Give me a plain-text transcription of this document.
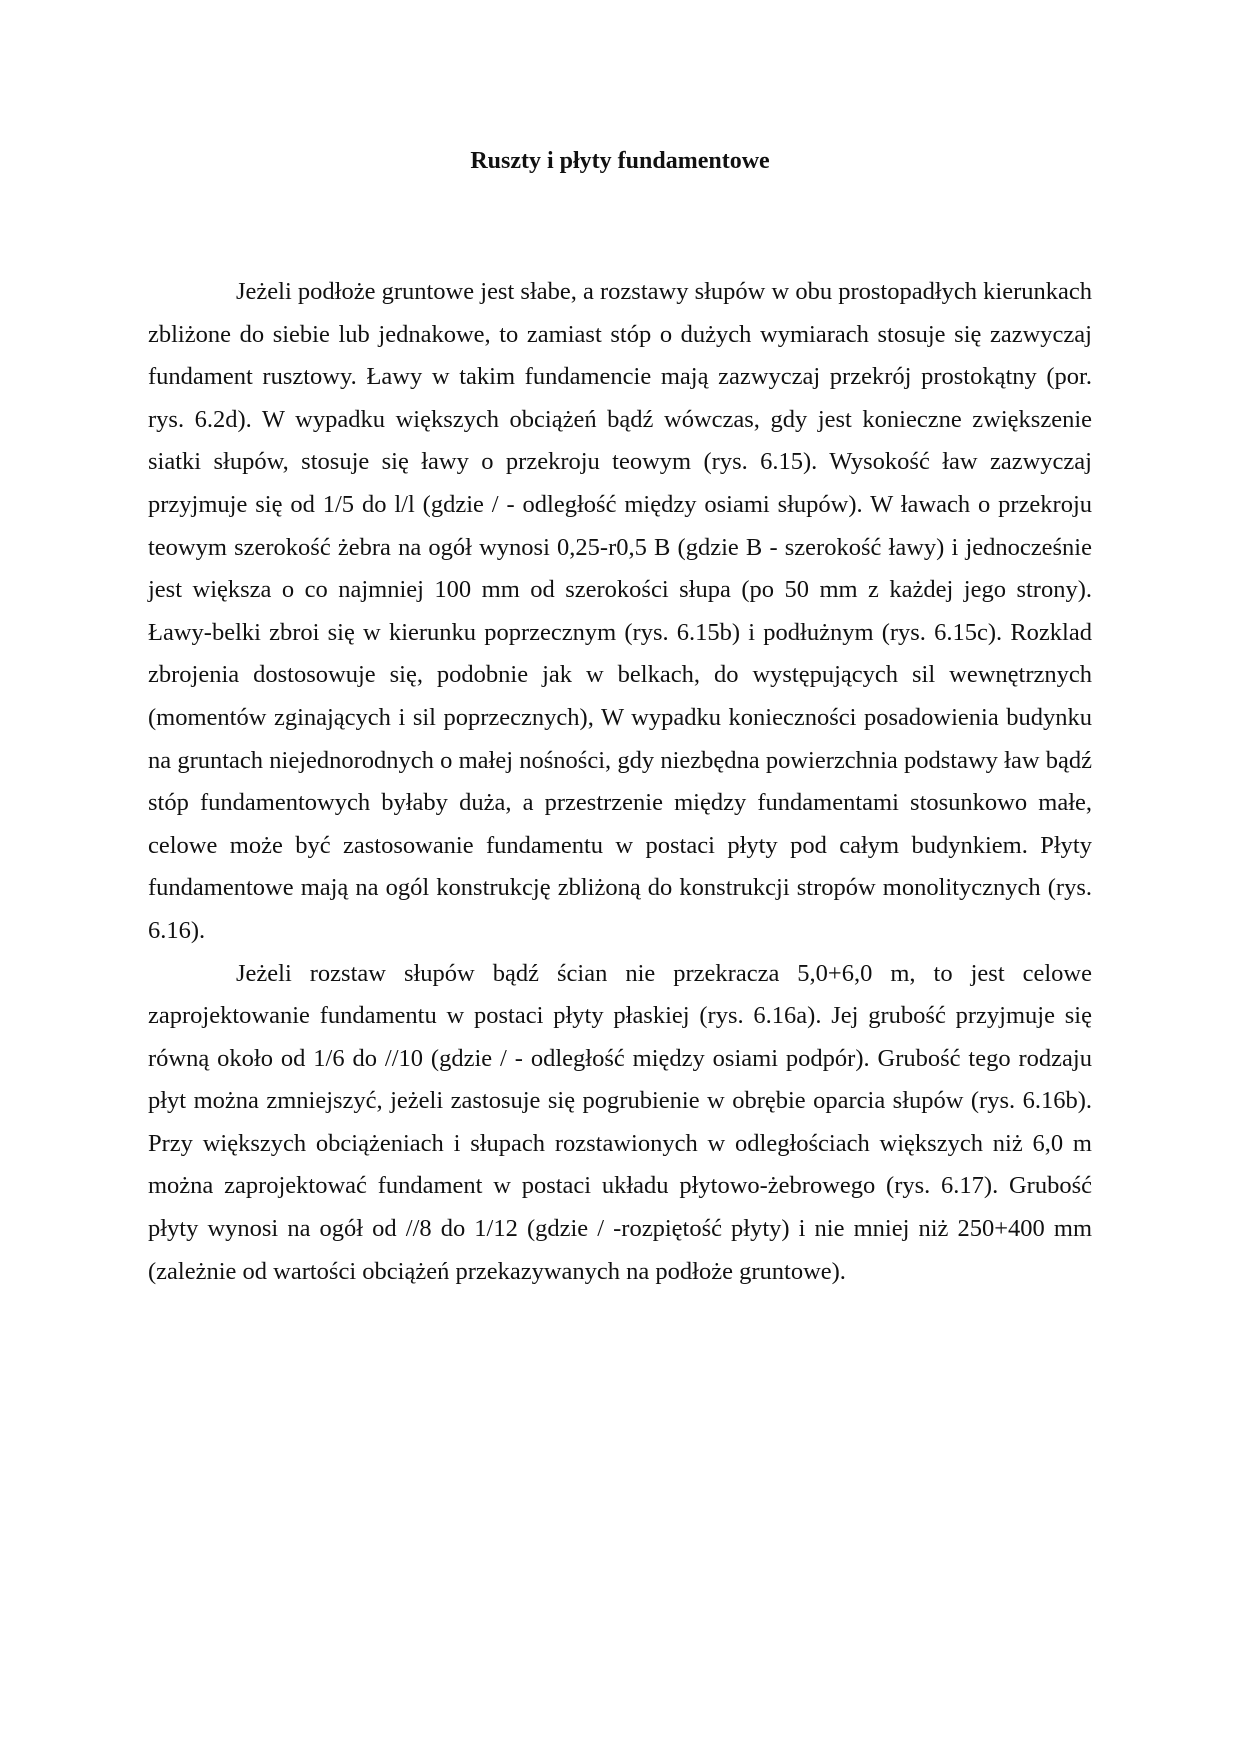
Ruszty i płyty fundamentowe

Jeżeli podłoże gruntowe jest słabe, a rozstawy słupów w obu prostopadłych kierunkach zbliżone do siebie lub jednakowe, to zamiast stóp o dużych wymiarach stosuje się zazwyczaj fundament rusztowy. Ławy w takim fundamencie mają zazwyczaj przekrój prostokątny (por. rys. 6.2d). W wypadku większych obciążeń bądź wówczas, gdy jest konieczne zwiększenie siatki słupów, stosuje się ławy o przekroju teowym (rys. 6.15). Wysokość ław zazwyczaj przyjmuje się od 1/5 do l/l (gdzie / - odległość między osiami słupów). W ławach o przekroju teowym szerokość żebra na ogół wynosi 0,25-r0,5 B (gdzie B - szerokość ławy) i jednocześnie jest większa o co najmniej 100 mm od szerokości słupa (po 50 mm z każdej jego strony). Ławy-belki zbroi się w kierunku poprzecznym (rys. 6.15b) i podłużnym (rys. 6.15c). Rozklad zbrojenia dostosowuje się, podobnie jak w belkach, do występujących sil wewnętrznych (momentów zginających i sil poprzecznych), W wypadku konieczności posadowienia budynku na gruntach niejednorodnych o małej nośności, gdy niezbędna powierzchnia podstawy ław bądź stóp fundamentowych byłaby duża, a przestrzenie między fundamentami stosunkowo małe, celowe może być zastosowanie fundamentu w postaci płyty pod całym budynkiem. Płyty fundamentowe mają na ogól konstrukcję zbliżoną do konstrukcji stropów monolitycznych (rys. 6.16).

Jeżeli rozstaw słupów bądź ścian nie przekracza 5,0+6,0 m, to jest celowe zaprojektowanie fundamentu w postaci płyty płaskiej (rys. 6.16a). Jej grubość przyjmuje się równą około od 1/6 do //10 (gdzie / - odległość między osiami podpór). Grubość tego rodzaju płyt można zmniejszyć, jeżeli zastosuje się pogrubienie w obrębie oparcia słupów (rys. 6.16b). Przy większych obciążeniach i słupach rozstawionych w odległościach większych niż 6,0 m można zaprojektować fundament w postaci układu płytowo-żebrowego (rys. 6.17). Grubość płyty wynosi na ogół od //8 do 1/12 (gdzie / -rozpiętość płyty) i nie mniej niż 250+400 mm (zależnie od wartości obciążeń przekazywanych na podłoże gruntowe).
